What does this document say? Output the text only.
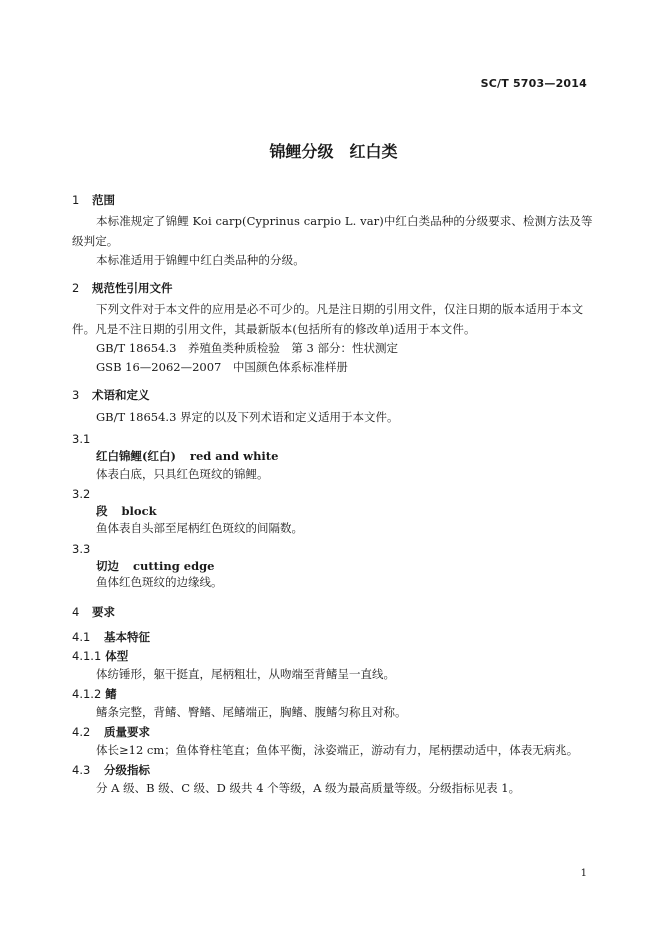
SC/T 5703—2014
锦鲤分级　红白类
1 范围
本标准规定了锦鲤 Koi carp(Cyprinus carpio L. var)中红白类品种的分级要求、检测方法及等级判定。
本标准适用于锦鲤中红白类品种的分级。
2 规范性引用文件
下列文件对于本文件的应用是必不可少的。凡是注日期的引用文件，仅注日期的版本适用于本文件。凡是不注日期的引用文件，其最新版本(包括所有的修改单)适用于本文件。
GB/T 18654.3　养殖鱼类种质检验　第 3 部分：性状测定
GSB 16—2062—2007　中国颜色体系标准样册
3 术语和定义
GB/T 18654.3 界定的以及下列术语和定义适用于本文件。
3.1
红白锦鲤(红白) red and white
体表白底，只具红色斑纹的锦鲤。
3.2
段 block
鱼体表自头部至尾柄红色斑纹的间隔数。
3.3
切边 cutting edge
鱼体红色斑纹的边缘线。
4 要求
4.1 基本特征
4.1.1 体型
体纺锤形，躯干挺直，尾柄粗壮，从吻端至背鳍呈一直线。
4.1.2 鳍
鳍条完整，背鳍、臀鳍、尾鳍端正，胸鳍、腹鳍匀称且对称。
4.2 质量要求
体长≥12 cm；鱼体脊柱笔直；鱼体平衡，泳姿端正，游动有力，尾柄摆动适中，体表无病兆。
4.3 分级指标
分 A 级、B 级、C 级、D 级共 4 个等级，A 级为最高质量等级。分级指标见表 1。
1
